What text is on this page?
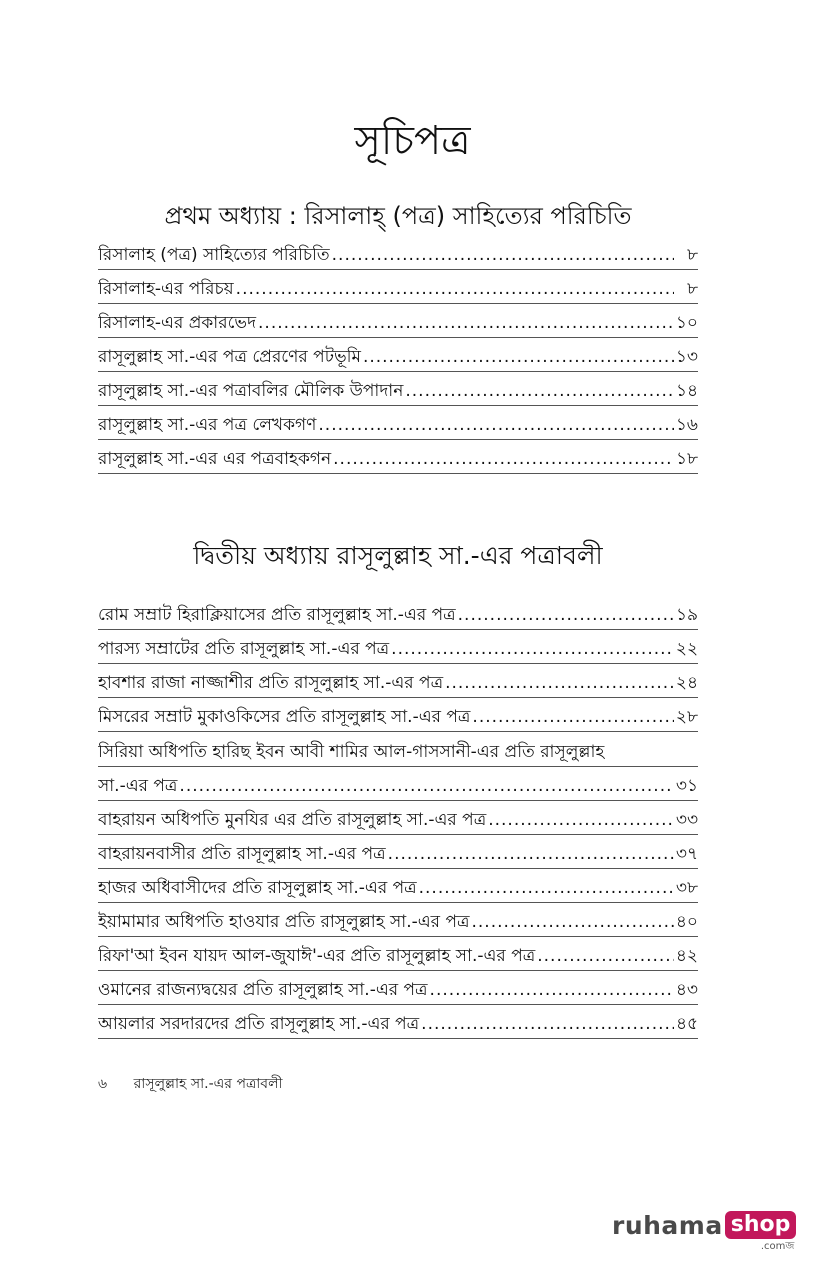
সূচিপত্র
প্রথম অধ্যায় : রিসালাহ্ (পত্র) সাহিত্যের পরিচিতি
রিসালাহ (পত্র) সাহিত্যের পরিচিতি .....	৮
রিসালাহ-এর পরিচয় .....	৮
রিসালাহ-এর প্রকারভেদ .....	১০
রাসূলুল্লাহ সা.-এর পত্র প্রেরণের পটভূমি .....	১৩
রাসূলুল্লাহ সা.-এর পত্রাবলির মৌলিক উপাদান .....	১৪
রাসূলুল্লাহ সা.-এর পত্র লেখকগণ .....	১৬
রাসূলুল্লাহ সা.-এর এর পত্রবাহকগন .....	১৮
দ্বিতীয় অধ্যায় রাসূলুল্লাহ সা.-এর পত্রাবলী
রোম সম্রাট হিরাক্লিয়াসের প্রতি রাসূলুল্লাহ সা.-এর পত্র .....	১৯
পারস্য সম্রাটের প্রতি রাসূলুল্লাহ সা.-এর পত্র .....	২২
হাবশার রাজা নাজ্জাশীর প্রতি রাসূলুল্লাহ সা.-এর পত্র .....	২৪
মিসরের সম্রাট মুকাওকিসের প্রতি রাসূলুল্লাহ সা.-এর পত্র .....	২৮
সিরিয়া অধিপতি হারিছ ইবন আবী শামির আল-গাসসানী-এর প্রতি রাসূলুল্লাহ
সা.-এর পত্র .....	৩১
বাহরায়ন অধিপতি মুনযির এর প্রতি রাসূলুল্লাহ সা.-এর পত্র .....	৩৩
বাহরায়নবাসীর প্রতি রাসূলুল্লাহ সা.-এর পত্র .....	৩৭
হাজর অধিবাসীদের প্রতি রাসূলুল্লাহ সা.-এর পত্র .....	৩৮
ইয়ামামার অধিপতি হাওযার প্রতি রাসূলুল্লাহ সা.-এর পত্র .....	৪০
রিফা'আ ইবন যায়দ আল-জুযাঈ'-এর প্রতি রাসূলুল্লাহ সা.-এর পত্র .....	৪২
ওমানের রাজন্যদ্বয়ের প্রতি রাসূলুল্লাহ সা.-এর পত্র .....	৪৩
আয়লার সরদারদের প্রতি রাসূলুল্লাহ সা.-এর পত্র .....	৪৫
৬ রাসূলুল্লাহ সা.-এর পত্রাবলী
ruhama shop
.comজ
